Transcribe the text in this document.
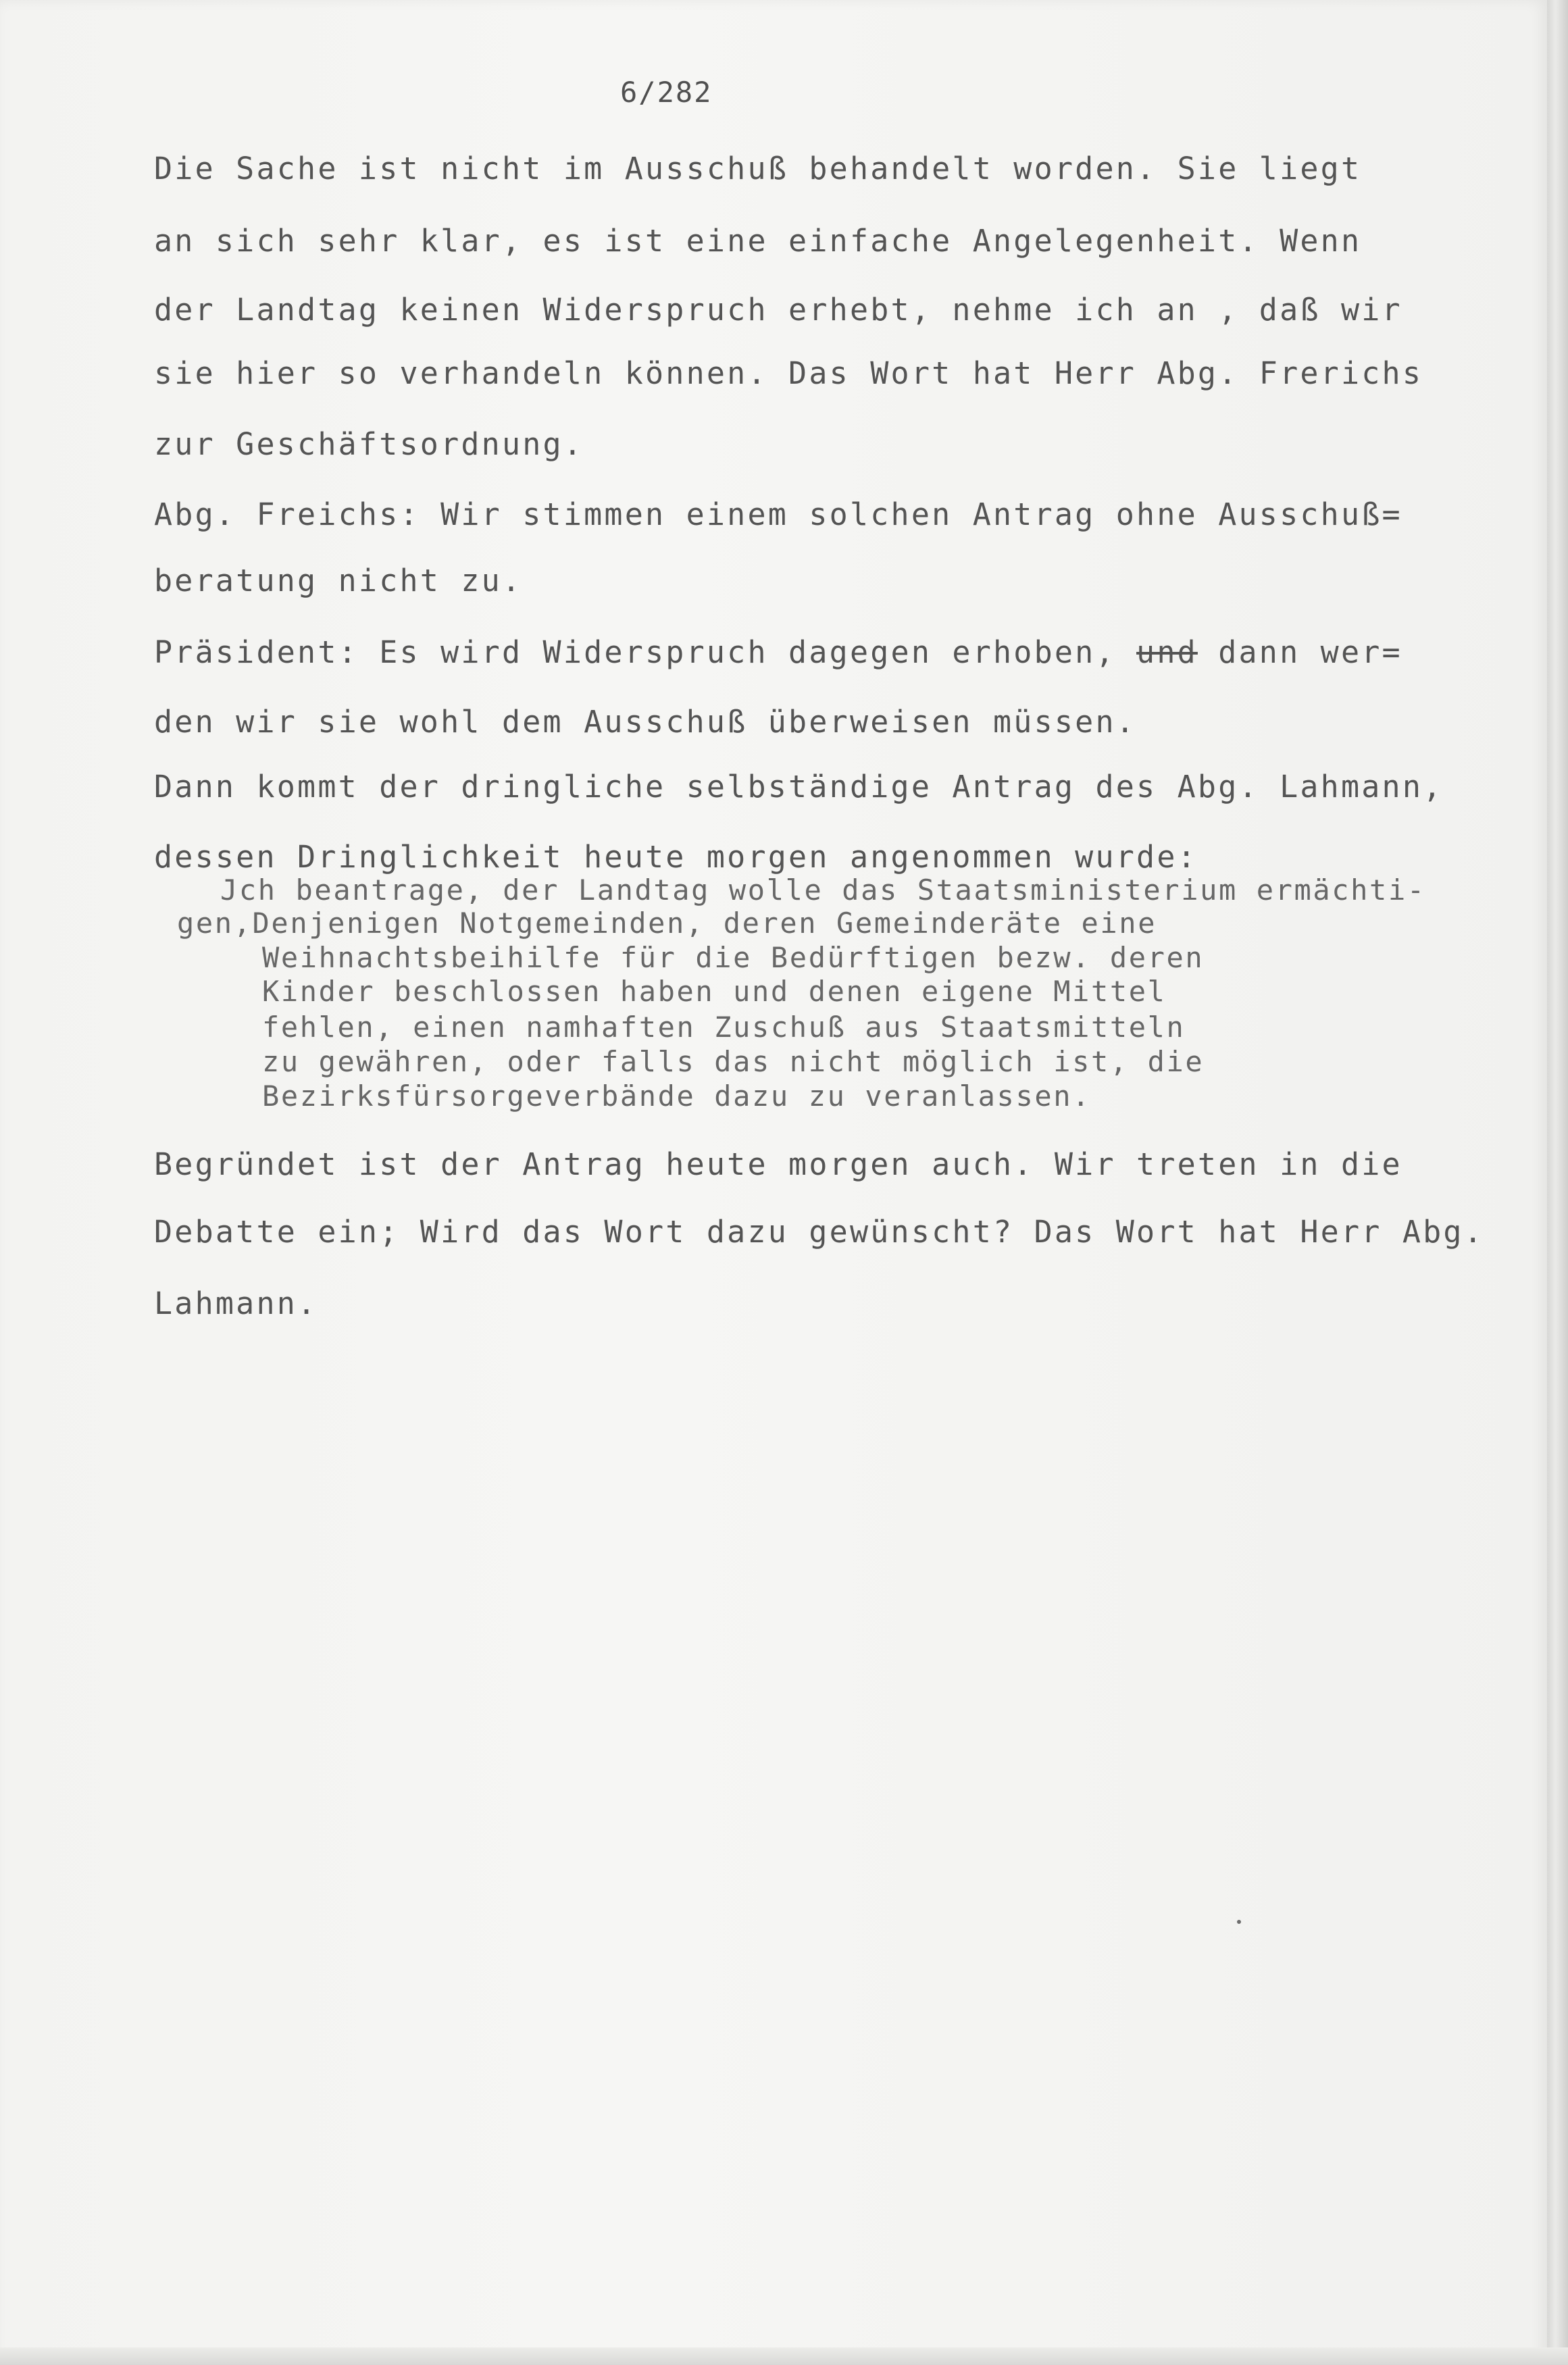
6/282
Die Sache ist nicht im Ausschuß behandelt worden. Sie liegt
an sich sehr klar, es ist eine einfache Angelegenheit. Wenn
der Landtag keinen Widerspruch erhebt, nehme ich an , daß wir
sie hier so verhandeln können. Das Wort hat Herr Abg. Frerichs
zur Geschäftsordnung.
Abg. Freichs: Wir stimmen einem solchen Antrag ohne Ausschuß=
beratung nicht zu.
Präsident: Es wird Widerspruch dagegen erhoben, und dann wer=
den wir sie wohl dem Ausschuß überweisen müssen.
Dann kommt der dringliche selbständige Antrag des Abg. Lahmann,
dessen Dringlichkeit heute morgen angenommen wurde:
Jch beantrage, der Landtag wolle das Staatsministerium ermächti-
gen,Denjenigen Notgemeinden, deren Gemeinderäte eine
Weihnachtsbeihilfe für die Bedürftigen bezw. deren
Kinder beschlossen haben und denen eigene Mittel
fehlen, einen namhaften Zuschuß aus Staatsmitteln
zu gewähren, oder falls das nicht möglich ist, die
Bezirksfürsorgeverbände dazu zu veranlassen.
Begründet ist der Antrag heute morgen auch. Wir treten in die
Debatte ein; Wird das Wort dazu gewünscht? Das Wort hat Herr Abg.
Lahmann.
